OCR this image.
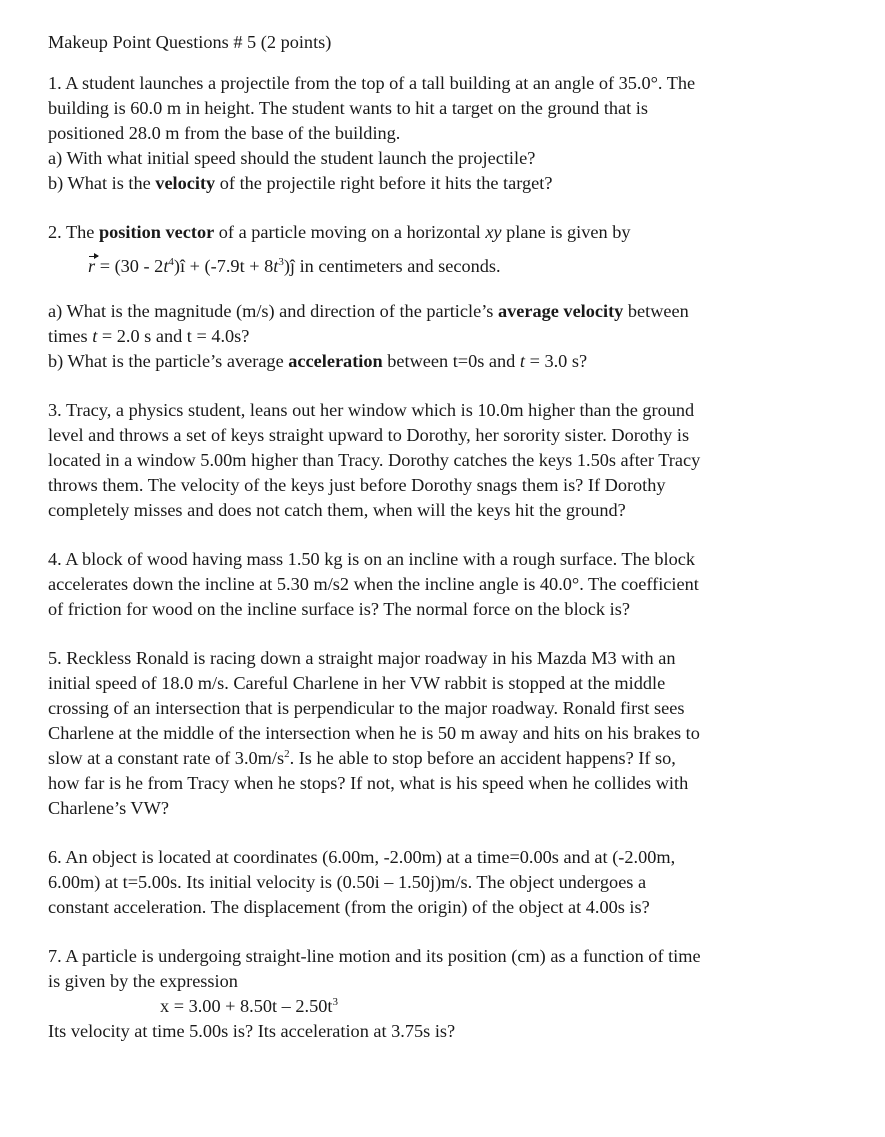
Makeup Point Questions # 5 (2 points)

1. A student launches a projectile from the top of a tall building at an angle of 35.0°. The
building is 60.0 m in height. The student wants to hit a target on the ground that is
positioned 28.0 m from the base of the building.
a) With what initial speed should the student launch the projectile?
b) What is the velocity of the projectile right before it hits the target?
2. The position vector of a particle moving on a horizontal xy plane is given by
$r = (30 - 2t^4)î + (-7.9t$ + $8t^3)ĵ$ in centimeters and seconds.
a) What is the magnitude (m/s) and direction of the particle’s average velocity between
times t = 2.0 s and t = 4.0s?
b) What is the particle’s average acceleration between t=0s and t = 3.0 s?
3. Tracy, a physics student, leans out her window which is 10.0m higher than the ground
level and throws a set of keys straight upward to Dorothy, her sorority sister. Dorothy is
located in a window 5.00m higher than Tracy. Dorothy catches the keys 1.50s after Tracy
throws them. The velocity of the keys just before Dorothy snags them is? If Dorothy
completely misses and does not catch them, when will the keys hit the ground?
4. A block of wood having mass 1.50 kg is on an incline with a rough surface. The block
accelerates down the incline at 5.30 m/s2 when the incline angle is 40.0°. The coefficient
of friction for wood on the incline surface is? The normal force on the block is?
5. Reckless Ronald is racing down a straight major roadway in his Mazda M3 with an
initial speed of 18.0 m/s. Careful Charlene in her VW rabbit is stopped at the middle
crossing of an intersection that is perpendicular to the major roadway. Ronald first sees
Charlene at the middle of the intersection when he is 50 m away and hits on his brakes to
slow at a constant rate of $3.0m/s^2$. Is he able to stop before an accident happens? If so,
how far is he from Tracy when he stops? If not, what is his speed when he collides with
Charlene’s VW?
6. An object is located at coordinates (6.00m, -2.00m) at a time=0.00s and at (-2.00m,
6.00m) at t=5.00s. Its initial velocity is (0.50i – 1.50j)m/s. The object undergoes a
constant acceleration. The displacement (from the origin) of the object at 4.00s is?
7. A particle is undergoing straight-line motion and its position (cm) as a function of time
is given by the expression
$x = 3.00 + 8.50t - 2.50t^3$
Its velocity at time 5.00s is? Its acceleration at 3.75s is?
